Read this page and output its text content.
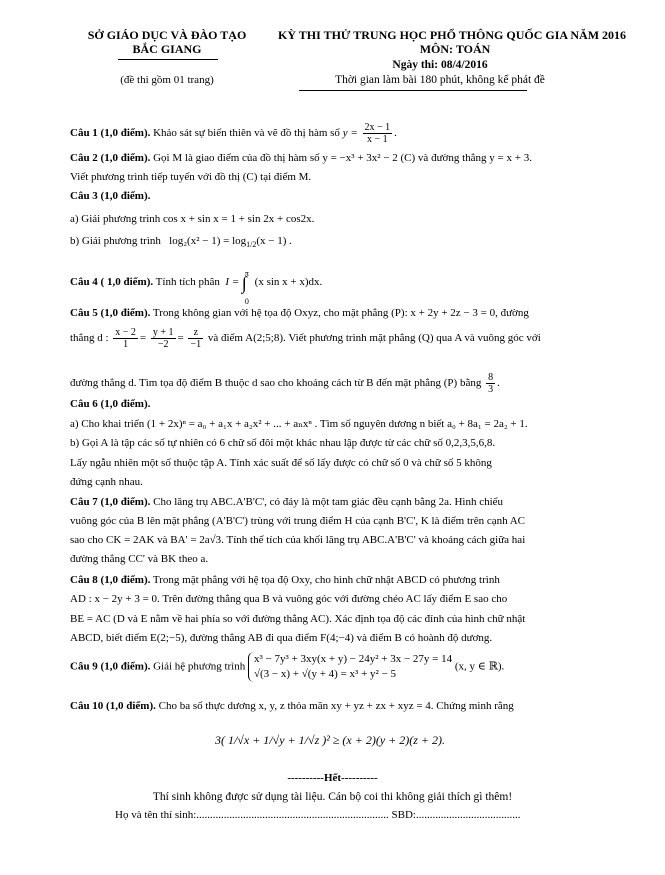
SỞ GIÁO DỤC VÀ ĐÀO TẠO
BẮC GIANG
KỲ THI THỬ TRUNG HỌC PHỔ THÔNG QUỐC GIA NĂM 2016
MÔN: TOÁN
Ngày thi: 08/4/2016
(đề thi gồm 01 trang)	Thời gian làm bài 180 phút, không kể phát đề
Câu 1 (1,0 điểm). Khảo sát sự biến thiên và vẽ đồ thị hàm số $y = \frac{2x - 1}{x - 1}$ .
Câu 2 (1,0 điểm). Gọi M là giao điểm của đồ thị hàm số y = −x³ + 3x² − 2 (C) và đường thẳng y = x + 3.
Viết phương trình tiếp tuyến với đồ thị (C) tại điểm M.
Câu 3 (1,0 điểm).
a) Giải phương trình cos x + sin x = 1 + sin 2x + cos2x.
b) Giải phương trình $\log_2(x^2 - 1) = \log_{1/2}(x - 1)$ .
Câu 4 ( 1,0 điểm). Tính tích phân I = ∫
π
0
(x sin x + x)dx.
Câu 5 (1,0 điểm). Trong không gian với hệ tọa độ Oxyz, cho mặt phẳng (P): x + 2y + 2z − 3 = 0, đường
thẳng d : $\frac{x - 2}{1} = \frac{y + 1}{-2} = \frac{z}{-1}$ và điểm A(2;5;8). Viết phương trình mặt phẳng (Q) qua A và vuông góc với
đường thẳng d. Tìm tọa độ điểm B thuộc d sao cho khoảng cách từ B đến mặt phẳng (P) bằng $\frac{8}{3}$ .
Câu 6 (1,0 điểm).
a) Cho khai triển (1 + 2x)ⁿ = a₀ + a₁x + a₂x² + ... + aₙxⁿ . Tìm số nguyên dương n biết a₀ + 8a₁ = 2a₂ + 1.
b) Gọi A là tập các số tự nhiên có 6 chữ số đôi một khác nhau lập được từ các chữ số 0,2,3,5,6,8.
Lấy ngẫu nhiên một số thuộc tập A. Tính xác suất để số lấy được có chữ số 0 và chữ số 5 không
đứng cạnh nhau.
Câu 7 (1,0 điểm). Cho lăng trụ ABC.A'B'C', có đáy là một tam giác đều cạnh bằng 2a. Hình chiếu
vuông góc của B lên mặt phẳng (A'B'C') trùng với trung điểm H của cạnh B'C', K là điểm trên cạnh AC
sao cho CK = 2AK và BA' = 2a√3. Tính thể tích của khối lăng trụ ABC.A'B'C' và khoảng cách giữa hai
đường thẳng CC' và BK theo a.
Câu 8 (1,0 điểm). Trong mặt phẳng với hệ tọa độ Oxy, cho hình chữ nhật ABCD có phương trình
AD : x − 2y + 3 = 0. Trên đường thẳng qua B và vuông góc với đường chéo AC lấy điểm E sao cho
BE = AC (D và E nằm về hai phía so với đường thẳng AC). Xác định tọa độ các đỉnh của hình chữ nhật
ABCD, biết điểm E(2;−5), đường thẳng AB đi qua điểm F(4;−4) và điểm B có hoành độ dương.
Câu 9 (1,0 điểm). Giải hệ phương trình
x³ − 7y³ + 3xy(x + y) − 24y² + 3x − 27y = 14
√(3 − x) + √(y + 4) = x³ + y² − 5
(x, y ∈ ℝ).
Câu 10 (1,0 điểm). Cho ba số thực dương x, y, z thỏa mãn xy + yz + zx + xyz = 4. Chứng minh rằng
3( 1/√x + 1/√y + 1/√z )² ≥ (x + 2)(y + 2)(z + 2).
----------Hết----------
Thí sinh không được sử dụng tài liệu. Cán bộ coi thi không giải thích gì thêm!
Họ và tên thí sinh:...................................................................... SBD:......................................
